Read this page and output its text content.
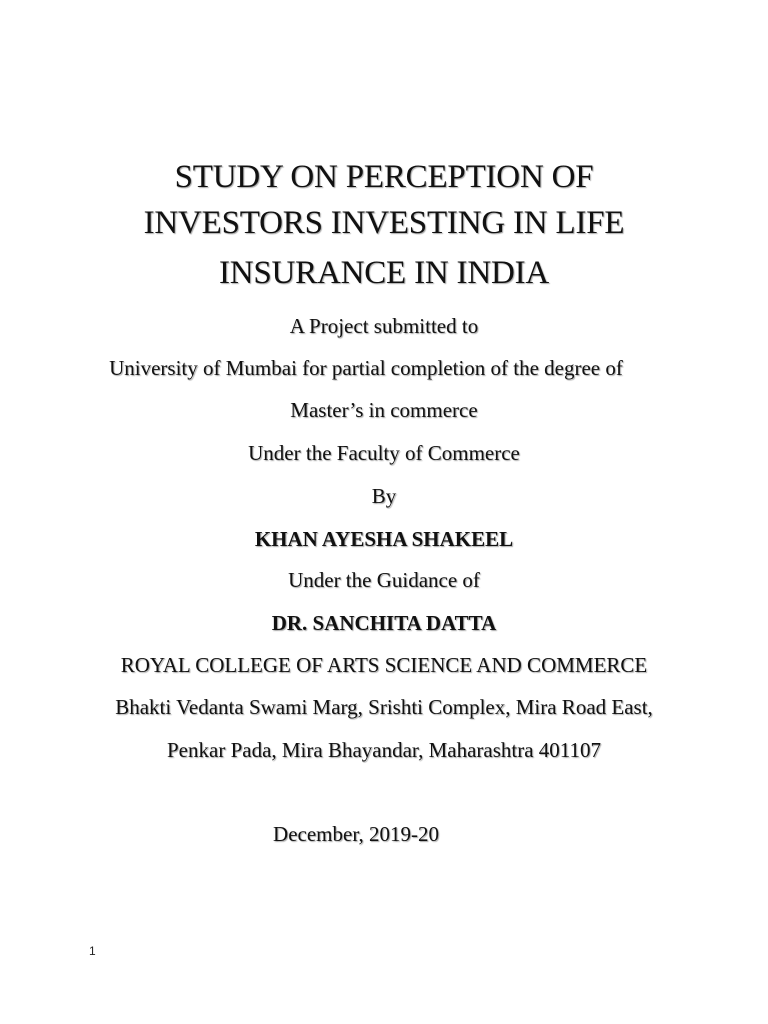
STUDY ON PERCEPTION OF
INVESTORS INVESTING IN LIFE
INSURANCE IN INDIA
A Project submitted to
University of Mumbai for partial completion of the degree of
Master’s in commerce
Under the Faculty of Commerce
By
KHAN AYESHA SHAKEEL
Under the Guidance of
DR. SANCHITA DATTA
ROYAL COLLEGE OF ARTS SCIENCE AND COMMERCE
Bhakti Vedanta Swami Marg, Srishti Complex, Mira Road East,
Penkar Pada, Mira Bhayandar, Maharashtra 401107
December, 2019-20
1
